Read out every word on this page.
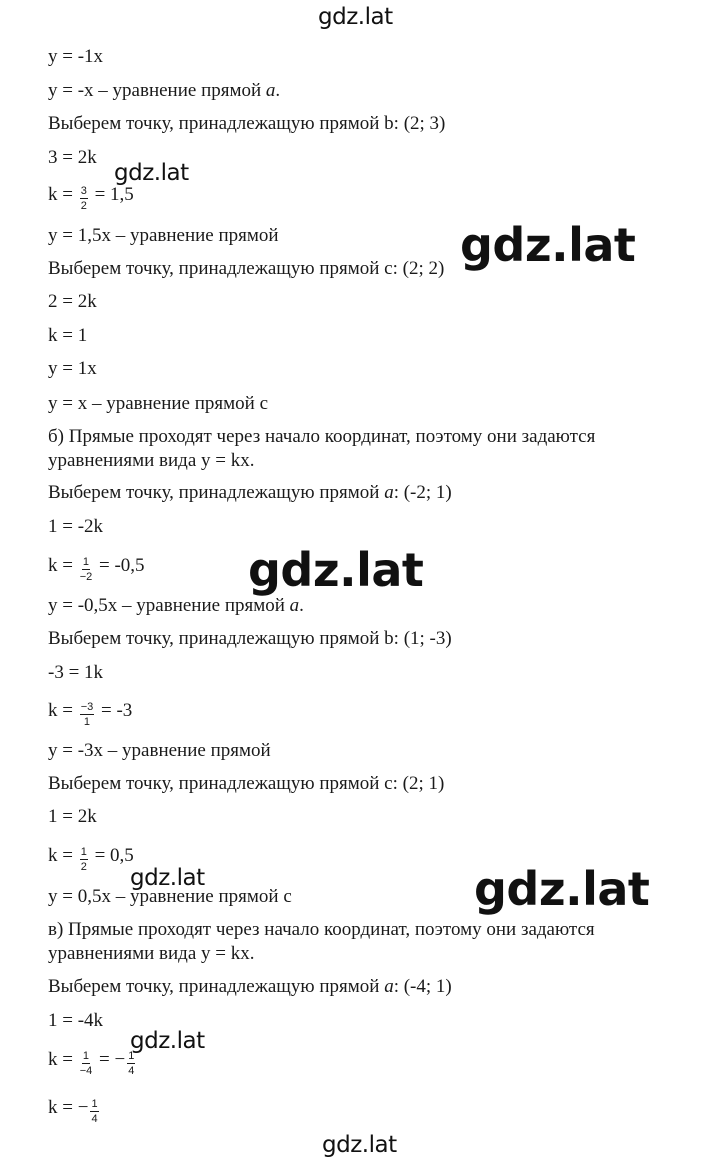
y = -1x
y = -x – уравнение прямой a.
Выберем точку, принадлежащую прямой b: (2; 3)
3 = 2k
$k = \frac{3}{2} = 1,5$
y = 1,5x – уравнение прямой
Выберем точку, принадлежащую прямой c: (2; 2)
2 = 2k
k = 1
y = 1x
y = x – уравнение прямой c
б) Прямые проходят через начало координат, поэтому они задаются уравнениями вида y = kx.
Выберем точку, принадлежащую прямой a: (-2; 1)
1 = -2k
$k = \frac{1}{-2} = -0,5$
y = -0,5x – уравнение прямой a.
Выберем точку, принадлежащую прямой b: (1; -3)
-3 = 1k
$k = \frac{-3}{1} = -3$
y = -3x – уравнение прямой
Выберем точку, принадлежащую прямой c: (2; 1)
1 = 2k
$k = \frac{1}{2} = 0,5$
y = 0,5x – уравнение прямой c
в) Прямые проходят через начало координат, поэтому они задаются уравнениями вида y = kx.
Выберем точку, принадлежащую прямой a: (-4; 1)
1 = -4k
$k = \frac{1}{-4}$ = − $\frac{1}{4}$
k = − $\frac{1}{4}$
gdz.lat
gdz.lat
gdz.lat
gdz.lat
gdz.lat	gdz.lat
gdz.lat
gdz.lat
